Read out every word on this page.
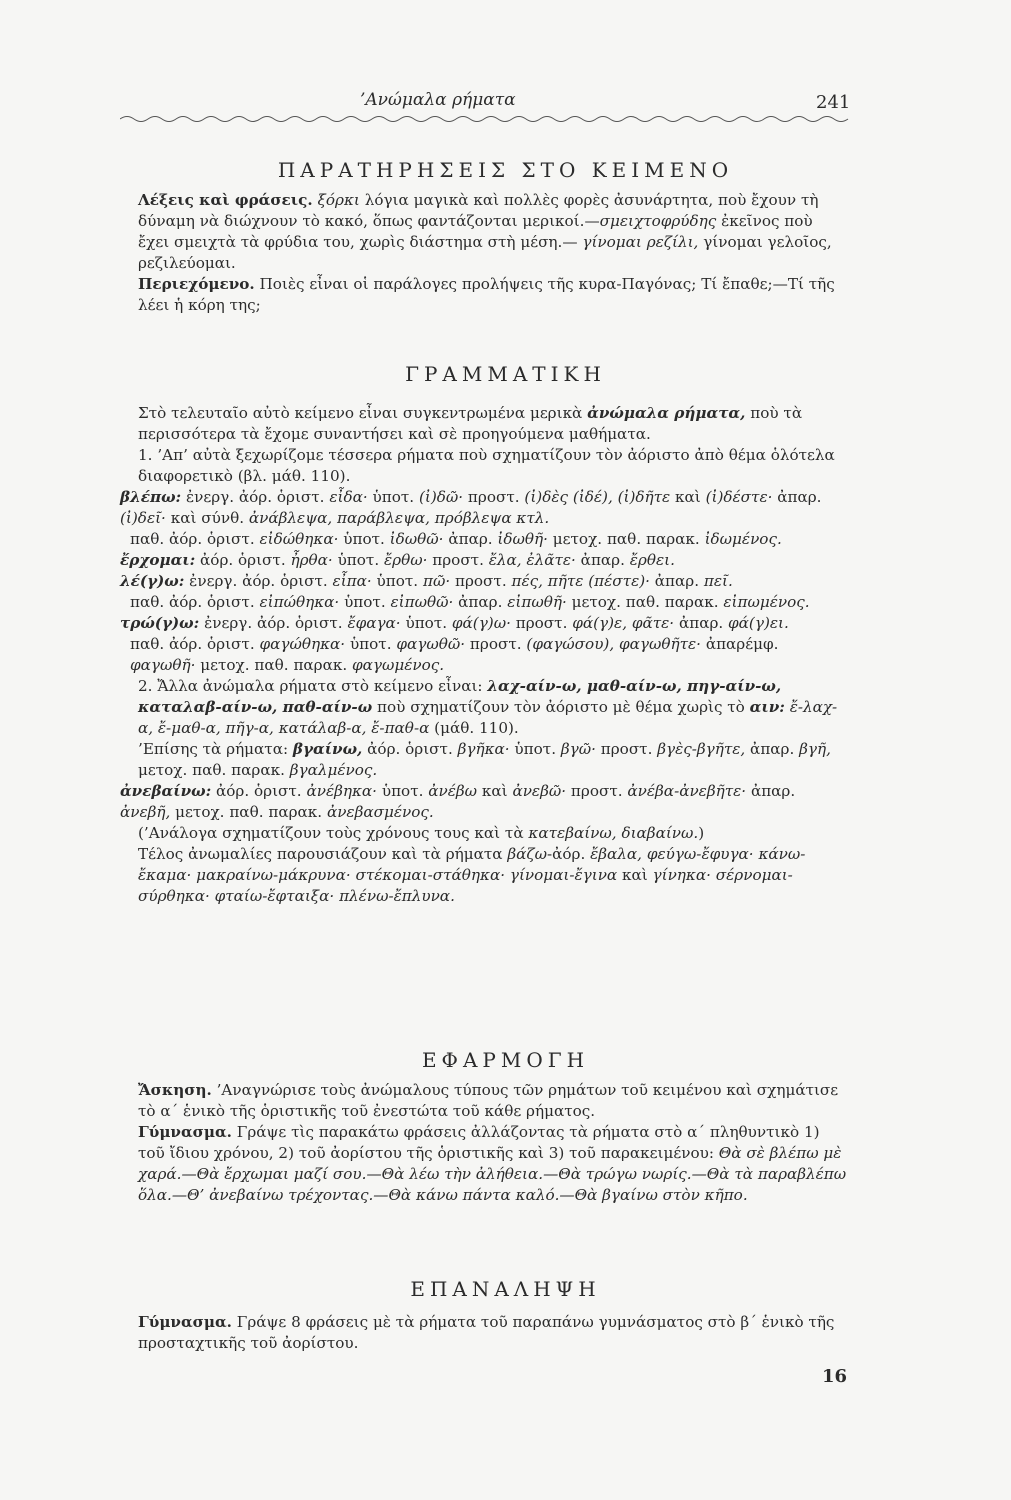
’Ανώμαλα ρήματα	241
ΠΑΡΑΤΗΡΗΣΕΙΣ ΣΤΟ ΚΕΙΜΕΝΟ

Λέξεις καὶ φράσεις. ξόρκι λόγια μαγικὰ καὶ πολλὲς φορὲς ἀσυνάρτητα, ποὺ ἔχουν τὴ δύναμη νὰ διώχνουν τὸ κακό, ὅπως φαντάζονται μερικοί.—σμειχτοφρύδης ἐκεῖνος ποὺ ἔχει σμειχτὰ τὰ φρύδια του, χωρὶς διάστημα στὴ μέση.— γίνομαι ρεζίλι, γίνομαι γελοῖος, ρεζιλεύομαι.

Περιεχόμενο. Ποιὲς εἶναι οἱ παράλογες προλήψεις τῆς κυρα-Παγόνας; Τί ἔπαθε;—Τί τῆς λέει ἡ κόρη της;

ΓΡΑΜΜΑΤΙΚΗ

Στὸ τελευταῖο αὐτὸ κείμενο εἶναι συγκεντρωμένα μερικὰ ἀνώμαλα ρήματα, ποὺ τὰ περισσότερα τὰ ἔχομε συναντήσει καὶ σὲ προηγούμενα μαθήματα.

1. ’Απ’ αὐτὰ ξεχωρίζομε τέσσερα ρήματα ποὺ σχηματίζουν τὸν ἀόριστο ἀπὸ θέμα ὁλότελα διαφορετικὸ (βλ. μάθ. 110).

βλέπω: ἐνεργ. ἀόρ. ὁριστ. εἶδα· ὑποτ. (ἰ)δῶ· προστ. (ἰ)δὲς (ἰδέ), (ἰ)δῆτε καὶ (ἰ)δέστε· ἀπαρ. (ἰ)δεῖ· καὶ σύνθ. ἀνάβλεψα, παράβλεψα, πρόβλεψα κτλ.

παθ. ἀόρ. ὁριστ. εἰδώθηκα· ὑποτ. ἰδωθῶ· ἀπαρ. ἰδωθῆ· μετοχ. παθ. παρακ. ἰδωμένος.

ἔρχομαι: ἀόρ. ὁριστ. ἦρθα· ὑποτ. ἔρθω· προστ. ἔλα, ἐλᾶτε· ἀπαρ. ἔρθει.

λέ(γ)ω: ἐνεργ. ἀόρ. ὁριστ. εἶπα· ὑποτ. πῶ· προστ. πές, πῆτε (πέστε)· ἀπαρ. πεῖ.

παθ. ἀόρ. ὁριστ. εἰπώθηκα· ὑποτ. εἰπωθῶ· ἀπαρ. εἰπωθῆ· μετοχ. παθ. παρακ. εἰπωμένος.

τρώ(γ)ω: ἐνεργ. ἀόρ. ὁριστ. ἔφαγα· ὑποτ. φά(γ)ω· προστ. φά(γ)ε, φᾶτε· ἀπαρ. φά(γ)ει.

παθ. ἀόρ. ὁριστ. φαγώθηκα· ὑποτ. φαγωθῶ· προστ. (φαγώσου), φαγωθῆτε· ἀπαρέμφ. φαγωθῆ· μετοχ. παθ. παρακ. φαγωμένος.

2. Ἄλλα ἀνώμαλα ρήματα στὸ κείμενο εἶναι: λαχ-αίν-ω, μαθ-αίν-ω, πηγ-αίν-ω, καταλαβ-αίν-ω, παθ-αίν-ω ποὺ σχηματίζουν τὸν ἀόριστο μὲ θέμα χωρὶς τὸ αιν: ἔ-λαχ-α, ἔ-μαθ-α, πῆγ-α, κατάλαβ-α, ἔ-παθ-α (μάθ. 110).

’Επίσης τὰ ρήματα: βγαίνω, ἀόρ. ὁριστ. βγῆκα· ὑποτ. βγῶ· προστ. βγὲς-βγῆτε, ἀπαρ. βγῆ, μετοχ. παθ. παρακ. βγαλμένος.

ἀνεβαίνω: ἀόρ. ὁριστ. ἀνέβηκα· ὑποτ. ἀνέβω καὶ ἀνεβῶ· προστ. ἀνέβα-ἀνεβῆτε· ἀπαρ. ἀνεβῆ, μετοχ. παθ. παρακ. ἀνεβασμένος.

(’Ανάλογα σχηματίζουν τοὺς χρόνους τους καὶ τὰ κατεβαίνω, διαβαίνω.)

Τέλος ἀνωμαλίες παρουσιάζουν καὶ τὰ ρήματα βάζω-ἀόρ. ἔβαλα, φεύγω-ἔφυγα· κάνω-ἔκαμα· μακραίνω-μάκρυνα· στέκομαι-στάθηκα· γίνομαι-ἔγινα καὶ γίνηκα· σέρνομαι-σύρθηκα· φταίω-ἔφταιξα· πλένω-ἔπλυνα.

ΕΦΑΡΜΟΓΗ

Ἄσκηση. ’Αναγνώρισε τοὺς ἀνώμαλους τύπους τῶν ρημάτων τοῦ κειμένου καὶ σχημάτισε τὸ α΄ ἑνικὸ τῆς ὁριστικῆς τοῦ ἐνεστώτα τοῦ κάθε ρήματος.

Γύμνασμα. Γράψε τὶς παρακάτω φράσεις ἀλλάζοντας τὰ ρήματα στὸ α΄ πληθυντικὸ 1) τοῦ ἴδιου χρόνου, 2) τοῦ ἀορίστου τῆς ὁριστικῆς καὶ 3) τοῦ παρακειμένου: Θὰ σὲ βλέπω μὲ χαρά.—Θὰ ἔρχωμαι μαζί σου.—Θὰ λέω τὴν ἀλήθεια.—Θὰ τρώγω νωρίς.—Θὰ τὰ παραβλέπω ὅλα.—Θ’ ἀνεβαίνω τρέχοντας.—Θὰ κάνω πάντα καλό.—Θὰ βγαίνω στὸν κῆπο.

ΕΠΑΝΑΛΗΨΗ

Γύμνασμα. Γράψε 8 φράσεις μὲ τὰ ρήματα τοῦ παραπάνω γυμνάσματος στὸ β΄ ἑνικὸ τῆς προσταχτικῆς τοῦ ἀορίστου.

16
